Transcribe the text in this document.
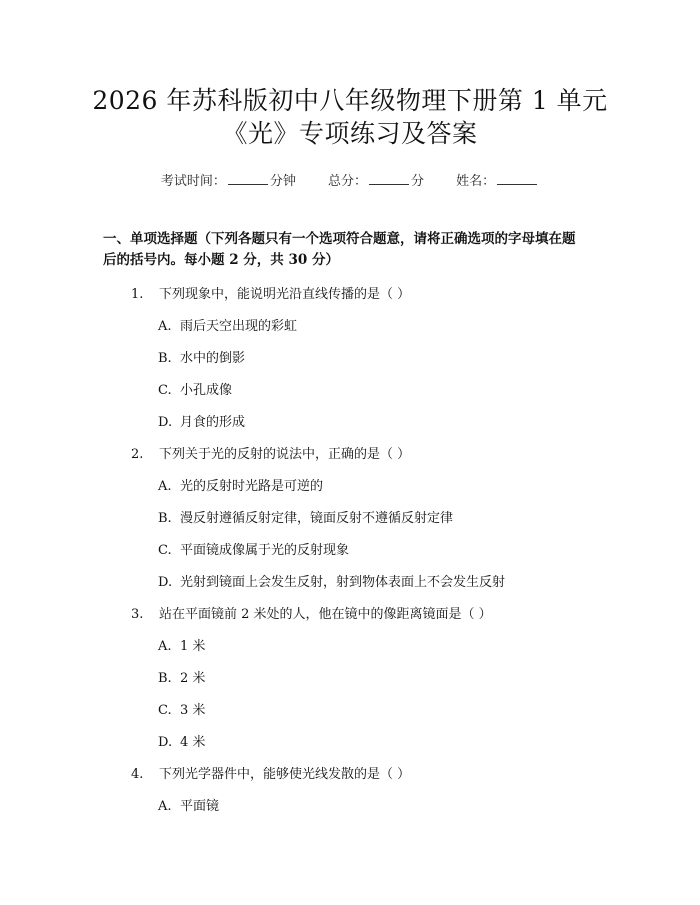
2026 年苏科版初中八年级物理下册第 1 单元
《光》专项练习及答案
考试时间：	分钟 总分：	分 姓名：
一、单项选择题（下列各题只有一个选项符合题意，请将正确选项的字母填在题
后的括号内。每小题 2 分，共 30 分）
1. 下列现象中，能说明光沿直线传播的是（ ）
A. 雨后天空出现的彩虹
B. 水中的倒影
C. 小孔成像
D. 月食的形成
2. 下列关于光的反射的说法中，正确的是（ ）
A. 光的反射时光路是可逆的
B. 漫反射遵循反射定律，镜面反射不遵循反射定律
C. 平面镜成像属于光的反射现象
D. 光射到镜面上会发生反射，射到物体表面上不会发生反射
3. 站在平面镜前 2 米处的人，他在镜中的像距离镜面是（ ）
A. 1 米
B. 2 米
C. 3 米
D. 4 米
4. 下列光学器件中，能够使光线发散的是（ ）
A. 平面镜
